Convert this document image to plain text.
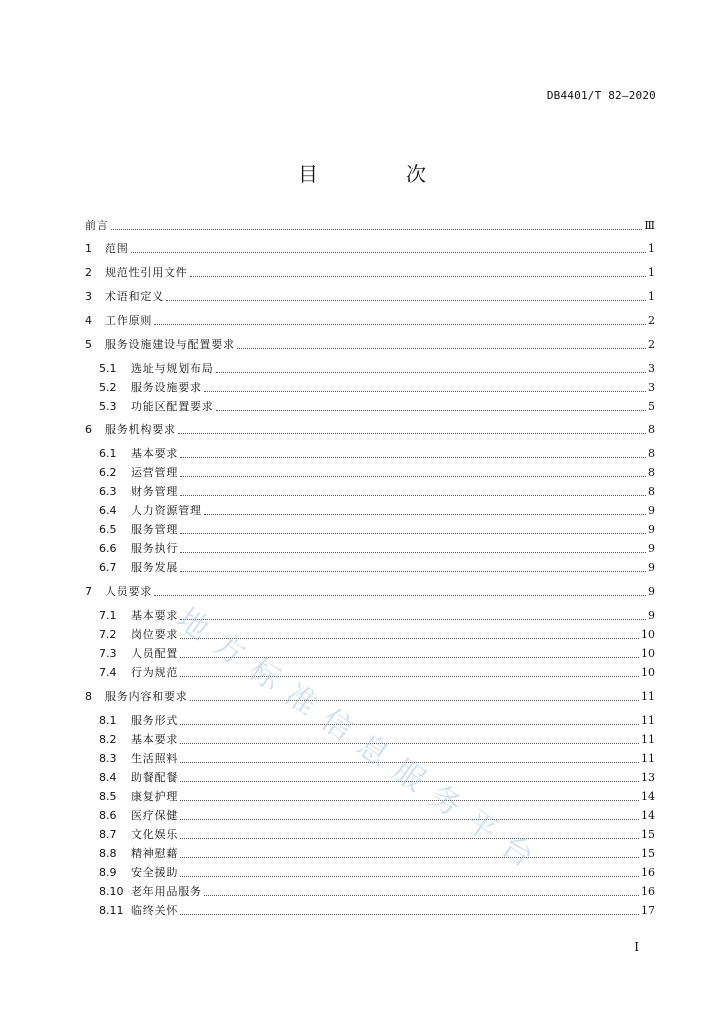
DB4401/T 82—2020
目　次
前言	Ⅲ
1	范围	1
2	规范性引用文件	1
3	术语和定义	1
4	工作原则	2
5	服务设施建设与配置要求	2
5.1	选址与规划布局	3
5.2	服务设施要求	3
5.3	功能区配置要求	5
6	服务机构要求	8
6.1	基本要求	8
6.2	运营管理	8
6.3	财务管理	8
6.4	人力资源管理	9
6.5	服务管理	9
6.6	服务执行	9
6.7	服务发展	9
7	人员要求	9
7.1	基本要求	9
7.2	岗位要求	10
7.3	人员配置	10
7.4	行为规范	10
8	服务内容和要求	11
8.1	服务形式	11
8.2	基本要求	11
8.3	生活照料	11
8.4	助餐配餐	13
8.5	康复护理	14
8.6	医疗保健	14
8.7	文化娱乐	15
8.8	精神慰藉	15
8.9	安全援助	16
8.10 老年用品服务	16
8.11 临终关怀	17
地方标准信息服务平台
I
